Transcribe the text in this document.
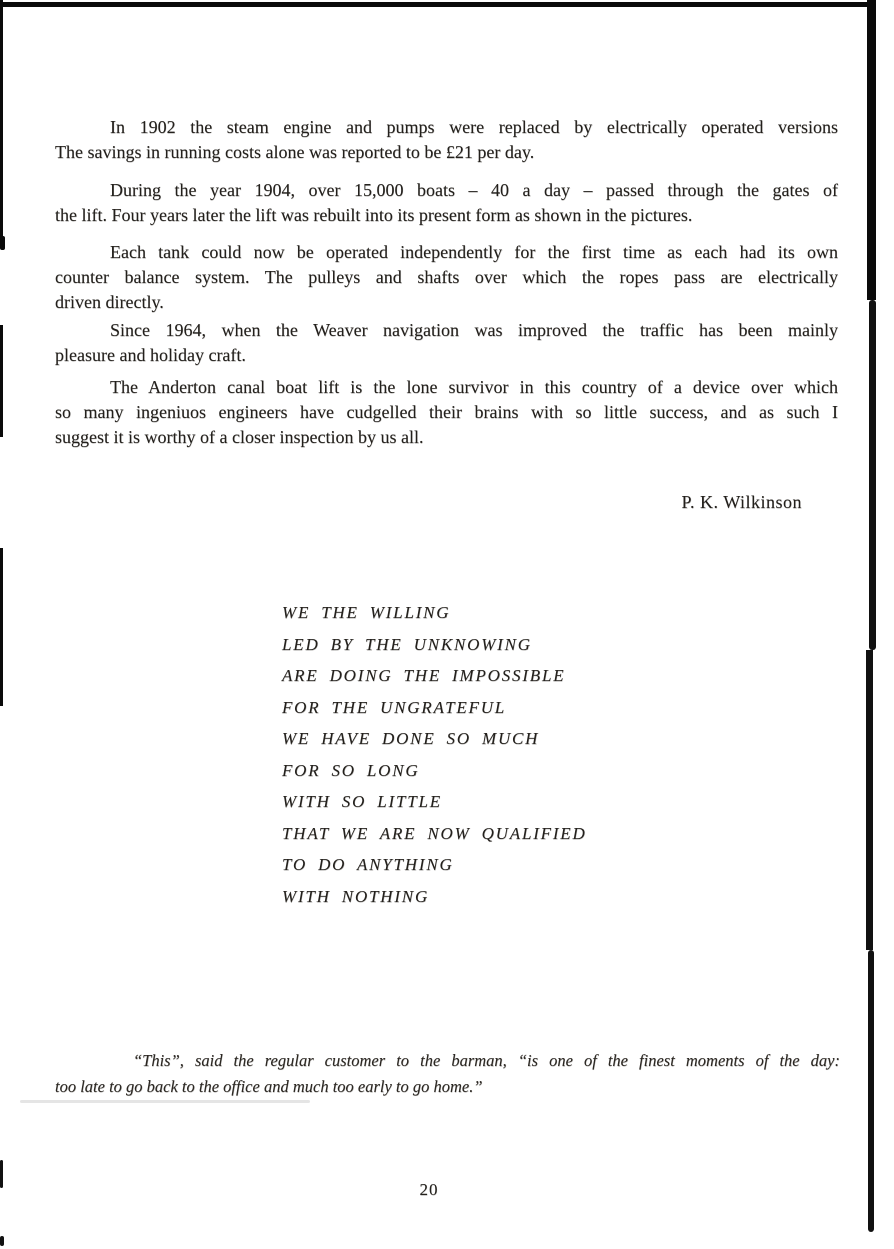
In 1902 the steam engine and pumps were replaced by electrically operated versions
The savings in running costs alone was reported to be £21 per day.
During the year 1904, over 15,000 boats – 40 a day – passed through the gates of
the lift. Four years later the lift was rebuilt into its present form as shown in the pictures.
Each tank could now be operated independently for the first time as each had its own
counter balance system. The pulleys and shafts over which the ropes pass are electrically
driven directly.
Since 1964, when the Weaver navigation was improved the traffic has been mainly
pleasure and holiday craft.
The Anderton canal boat lift is the lone survivor in this country of a device over which
so many ingeniuos engineers have cudgelled their brains with so little success, and as such I
suggest it is worthy of a closer inspection by us all.
P. K. Wilkinson
WE THE WILLING
LED BY THE UNKNOWING
ARE DOING THE IMPOSSIBLE
FOR THE UNGRATEFUL
WE HAVE DONE SO MUCH
FOR SO LONG
WITH SO LITTLE
THAT WE ARE NOW QUALIFIED
TO DO ANYTHING
WITH NOTHING
“This”, said the regular customer to the barman, “is one of the finest moments of the day:
too late to go back to the office and much too early to go home.”
20
